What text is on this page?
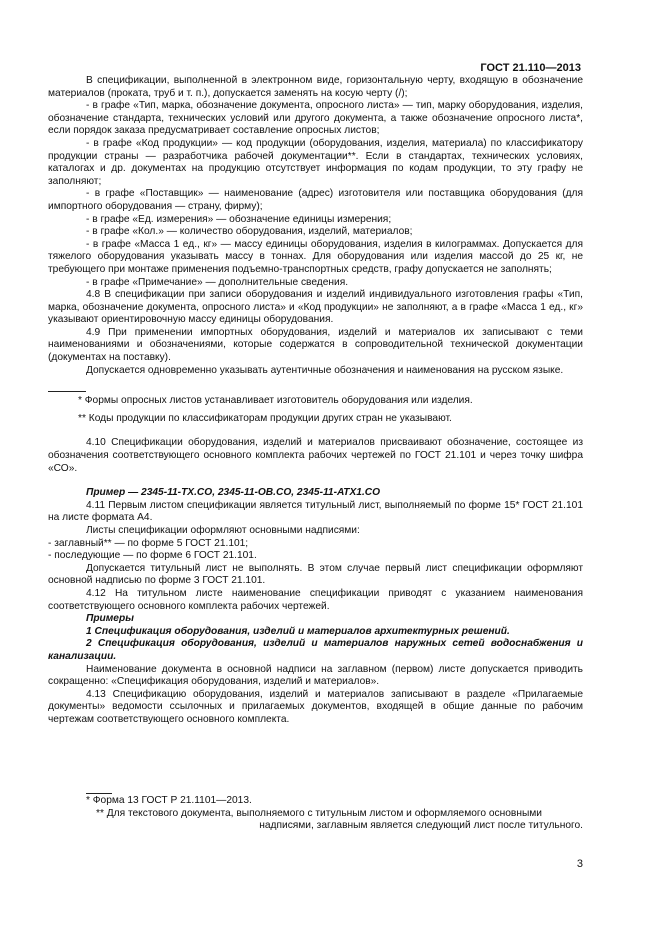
ГОСТ 21.110—2013

В спецификации, выполненной в электронном виде, горизонтальную черту, входящую в обозначение материалов (проката, труб и т. п.), допускается заменять на косую черту (/);

- в графе «Тип, марка, обозначение документа, опросного листа» — тип, марку оборудования, изделия, обозначение стандарта, технических условий или другого документа, а также обозначение опросного листа*, если порядок заказа предусматривает составление опросных листов;

- в графе «Код продукции» — код продукции (оборудования, изделия, материала) по классификатору продукции страны — разработчика рабочей документации**. Если в стандартах, технических условиях, каталогах и др. документах на продукцию отсутствует информация по кодам продукции, то эту графу не заполняют;

- в графе «Поставщик» — наименование (адрес) изготовителя или поставщика оборудования (для импортного оборудования — страну, фирму);

- в графе «Ед. измерения» — обозначение единицы измерения;

- в графе «Кол.» — количество оборудования, изделий, материалов;

- в графе «Масса 1 ед., кг» — массу единицы оборудования, изделия в килограммах. Допускается для тяжелого оборудования указывать массу в тоннах. Для оборудования или изделия массой до 25 кг, не требующего при монтаже применения подъемно-транспортных средств, графу допускается не заполнять;

- в графе «Примечание» — дополнительные сведения.

4.8 В спецификации при записи оборудования и изделий индивидуального изготовления графы «Тип, марка, обозначение документа, опросного листа» и «Код продукции» не заполняют, а в графе «Масса 1 ед., кг» указывают ориентировочную массу единицы оборудования.

4.9 При применении импортных оборудования, изделий и материалов их записывают с теми наименованиями и обозначениями, которые содержатся в сопроводительной технической документации (документах на поставку).

Допускается одновременно указывать аутентичные обозначения и наименования на русском языке.

* Формы опросных листов устанавливает изготовитель оборудования или изделия.

** Коды продукции по классификаторам продукции других стран не указывают.

4.10 Спецификации оборудования, изделий и материалов присваивают обозначение, состоящее из обозначения соответствующего основного комплекта рабочих чертежей по ГОСТ 21.101 и через точку шифра «СО».

Пример — 2345-11-ТХ.СО, 2345-11-ОВ.СО, 2345-11-АТХ1.СО

4.11 Первым листом спецификации является титульный лист, выполняемый по форме 15* ГОСТ 21.101 на листе формата А4.

Листы спецификации оформляют основными надписями:

- заглавный** — по форме 5 ГОСТ 21.101;

- последующие — по форме 6 ГОСТ 21.101.

Допускается титульный лист не выполнять. В этом случае первый лист спецификации оформляют основной надписью по форме 3 ГОСТ 21.101.

4.12 На титульном листе наименование спецификации приводят с указанием наименования соответствующего основного комплекта рабочих чертежей.

Примеры

1 Спецификация оборудования, изделий и материалов архитектурных решений.

2 Спецификация оборудования, изделий и материалов наружных сетей водоснабжения и канализации.

Наименование документа в основной надписи на заглавном (первом) листе допускается приводить сокращенно: «Спецификация оборудования, изделий и материалов».

4.13 Спецификацию оборудования, изделий и материалов записывают в разделе «Прилагаемые документы» ведомости ссылочных и прилагаемых документов, входящей в общие данные по рабочим чертежам соответствующего основного комплекта.

* Форма 13 ГОСТ Р 21.1101—2013.

** Для текстового документа, выполняемого с титульным листом и оформляемого основными

надписями, заглавным является следующий лист после титульного.

3
